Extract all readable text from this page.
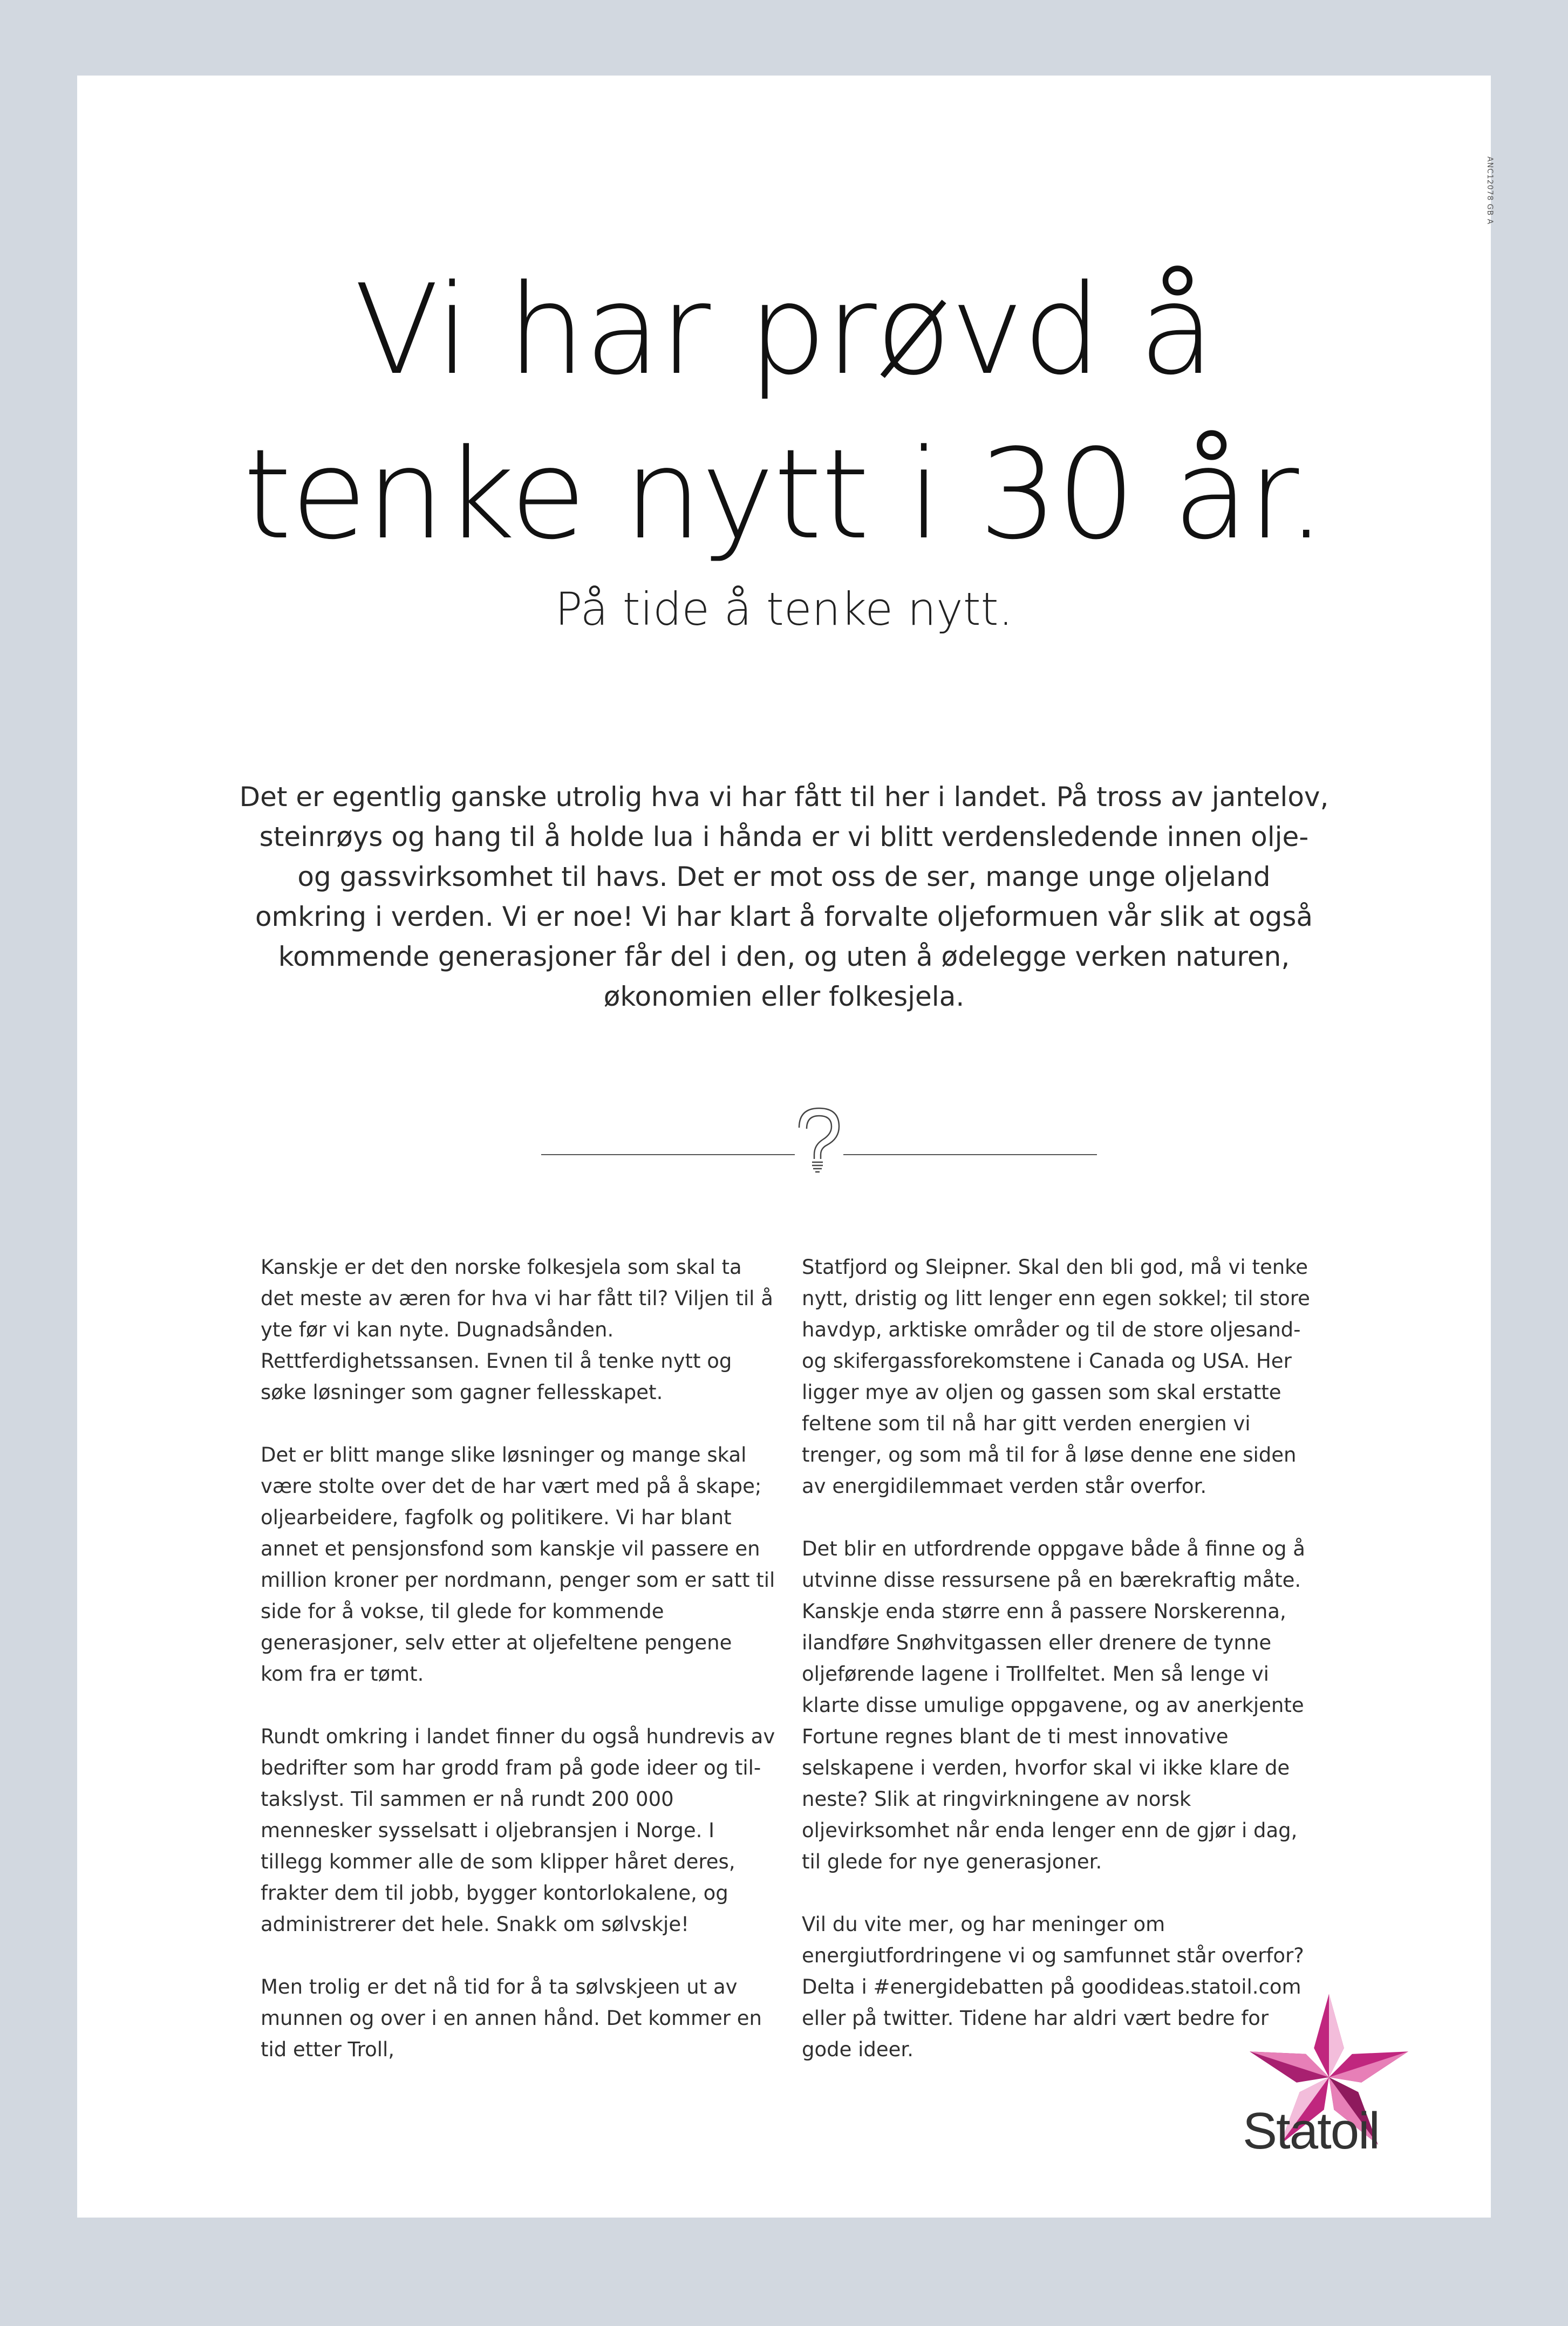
ANC12078 GB A
Vi har prøvd å
tenke nytt i 30 år.
På tide å tenke nytt.

Det er egentlig ganske utrolig hva vi har fått til her i landet. På tross av jantelov, steinrøys og hang til å holde lua i hånda er vi blitt verdensledende innen olje- og gassvirksomhet til havs. Det er mot oss de ser, mange unge oljeland omkring i verden. Vi er noe! Vi har klart å forvalte oljeformuen vår slik at også kommende generasjoner får del i den, og uten å ødelegge verken naturen, økonomien eller folkesjela.

Kanskje er det den norske folkesjela som skal ta det meste av æren for hva vi har fått til? Viljen til å yte før vi kan nyte. Dugnadsånden. Rettferdighetssansen. Evnen til å tenke nytt og søke løsninger som gagner fellesskapet.

Det er blitt mange slike løsninger og mange skal være stolte over det de har vært med på å skape; oljearbeidere, fagfolk og politikere. Vi har blant annet et pensjonsfond som kanskje vil passere en million kroner per nordmann, penger som er satt til side for å vokse, til glede for kommende generasjoner, selv etter at oljefeltene pengene kom fra er tømt.

Rundt omkring i landet finner du også hundrevis av bedrifter som har grodd fram på gode ideer og til-takslyst. Til sammen er nå rundt 200 000 mennesker sysselsatt i oljebransjen i Norge. I tillegg kommer alle de som klipper håret deres, frakter dem til jobb, bygger kontorlokalene, og administrerer det hele. Snakk om sølvskje!

Men trolig er det nå tid for å ta sølvskjeen ut av munnen og over i en annen hånd. Det kommer en tid etter Troll,

Statfjord og Sleipner. Skal den bli god, må vi tenke nytt, dristig og litt lenger enn egen sokkel; til store havdyp, arktiske områder og til de store oljesand- og skifergassforekomstene i Canada og USA. Her ligger mye av oljen og gassen som skal erstatte feltene som til nå har gitt verden energien vi trenger, og som må til for å løse denne ene siden av energidilemmaet verden står overfor.

Det blir en utfordrende oppgave både å finne og å utvinne disse ressursene på en bærekraftig måte. Kanskje enda større enn å passere Norskerenna, ilandføre Snøhvitgassen eller drenere de tynne oljeførende lagene i Trollfeltet. Men så lenge vi klarte disse umulige oppgavene, og av anerkjente Fortune regnes blant de ti mest innovative selskapene i verden, hvorfor skal vi ikke klare de neste? Slik at ringvirkningene av norsk oljevirksomhet når enda lenger enn de gjør i dag, til glede for nye generasjoner.

Vil du vite mer, og har meninger om energiutfordringene vi og samfunnet står overfor? Delta i #energidebatten på goodideas.statoil.com eller på twitter. Tidene har aldri vært bedre for gode ideer.

Statoil
